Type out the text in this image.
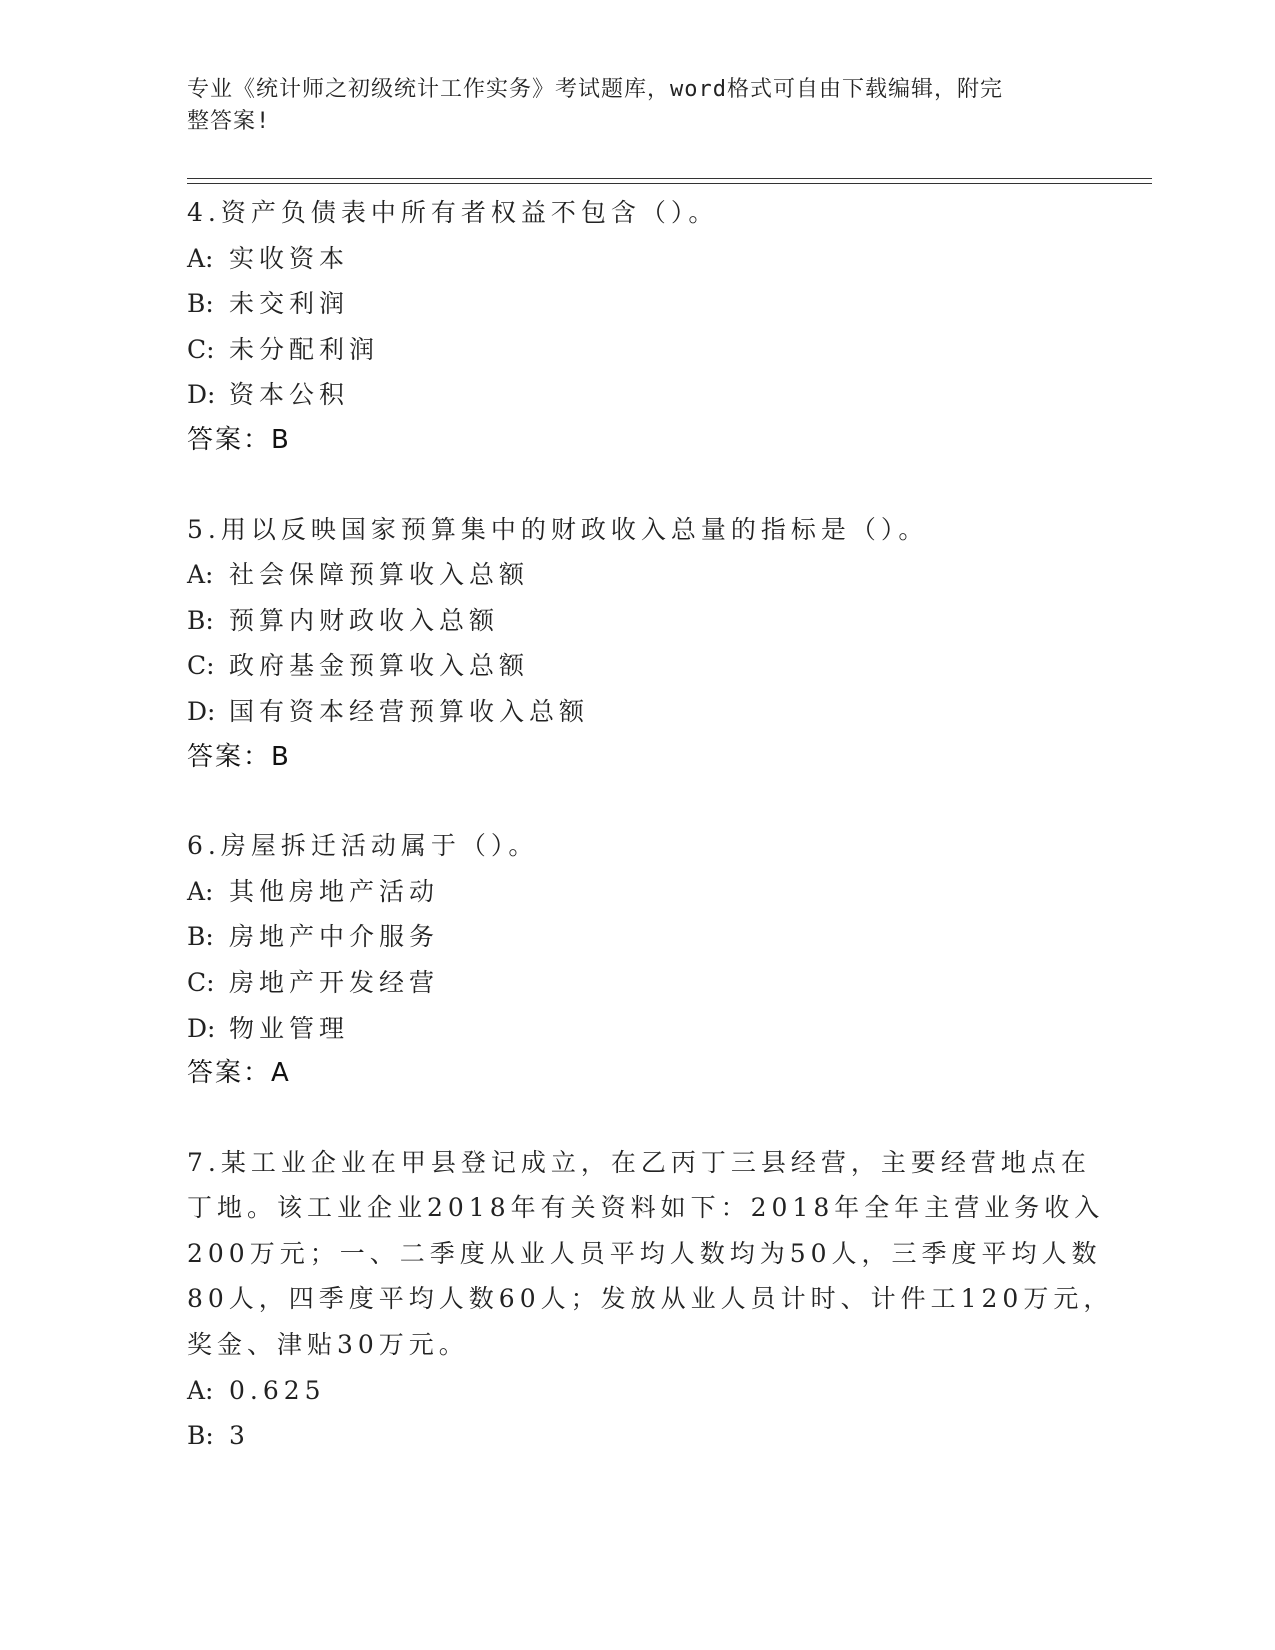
专业《统计师之初级统计工作实务》考试题库，word格式可自由下载编辑，附完
整答案!

4.资产负债表中所有者权益不包含（）。

A: 实收资本

B: 未交利润

C: 未分配利润

D: 资本公积

答案：B

5.用以反映国家预算集中的财政收入总量的指标是（）。

A: 社会保障预算收入总额

B: 预算内财政收入总额

C: 政府基金预算收入总额

D: 国有资本经营预算收入总额

答案：B

6.房屋拆迁活动属于（）。

A: 其他房地产活动

B: 房地产中介服务

C: 房地产开发经营

D: 物业管理

答案：A

7.某工业企业在甲县登记成立，在乙丙丁三县经营，主要经营地点在

丁地。该工业企业2018年有关资料如下：2018年全年主营业务收入

200万元；一、二季度从业人员平均人数均为50人，三季度平均人数

80人，四季度平均人数60人；发放从业人员计时、计件工120万元，

奖金、津贴30万元。

A: 0.625

B: 3
